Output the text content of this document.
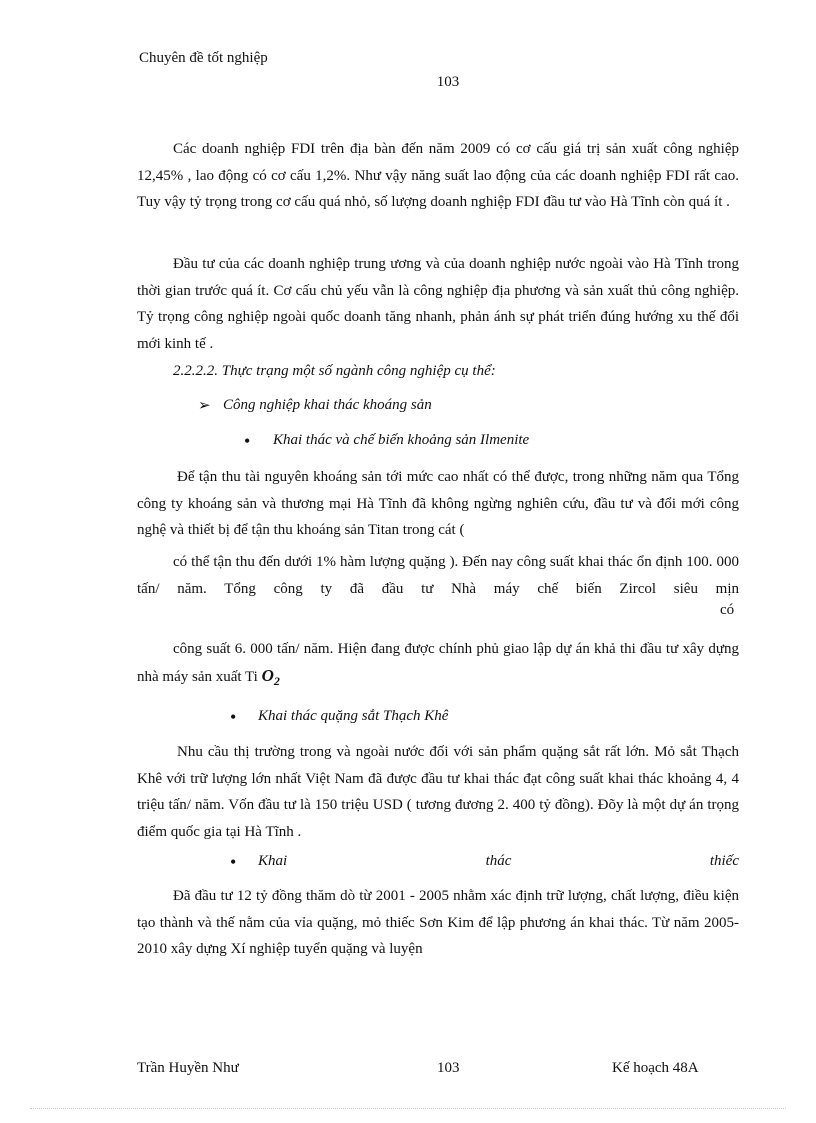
Chuyên đề tốt nghiệp
103

Các doanh nghiệp FDI trên địa bàn đến năm 2009 có cơ cấu giá trị sản xuất công nghiệp 12,45% , lao động có cơ cấu 1,2%. Như vậy năng suất lao động của các doanh nghiệp FDI rất cao. Tuy vậy tỷ trọng trong cơ cấu quá nhỏ, số lượng doanh nghiệp FDI đầu tư vào Hà Tĩnh còn quá ít .

Đầu tư của các doanh nghiệp trung ương và của doanh nghiệp nước ngoài vào Hà Tĩnh trong thời gian trước quá ít. Cơ cấu chủ yếu vẫn là công nghiệp địa phương và sản xuất thủ công nghiệp. Tỷ trọng công nghiệp ngoài quốc doanh tăng nhanh, phản ánh sự phát triển đúng hướng xu thế đổi mới kinh tế .

2.2.2.2. Thực trạng một số ngành công nghiệp cụ thể:
➢ Công nghiệp khai thác khoáng sản
• Khai thác và chế biến khoảng sản Ilmenite

Để tận thu tài nguyên khoáng sản tới mức cao nhất có thể được, trong những năm qua Tổng công ty khoáng sản và thương mại Hà Tĩnh đã không ngừng nghiên cứu, đầu tư và đổi mới công nghệ và thiết bị để tận thu khoáng sản Titan trong cát (

có thể tận thu đến dưới 1% hàm lượng quặng ). Đến nay công suất khai thác ổn định 100. 000 tấn/ năm. Tổng công ty đã đầu tư Nhà máy chế biến Zircol siêu mịn

có

công suất 6. 000 tấn/ năm. Hiện đang được chính phủ giao lập dự án khả thi đầu tư xây dựng nhà máy sản xuất Ti $O_2$

• Khai thác quặng sắt Thạch Khê

Nhu cầu thị trường trong và ngoài nước đối với sản phẩm quặng sắt rất lớn. Mỏ sắt Thạch Khê với trữ lượng lớn nhất Việt Nam đã được đầu tư khai thác đạt công suất khai thác khoảng 4, 4 triệu tấn/ năm. Vốn đầu tư là 150 triệu USD ( tương đương 2. 400 tỷ đồng). Đõy là một dự án trọng điểm quốc gia tại Hà Tĩnh .

• Khai	thác	thiếc

Đã đầu tư 12 tỷ đồng thăm dò từ 2001 - 2005 nhằm xác định trữ lượng, chất lượng, điều kiện tạo thành và thế nằm của vỉa quặng, mỏ thiếc Sơn Kim để lập phương án khai thác. Từ năm 2005- 2010 xây dựng Xí nghiệp tuyển quặng và luyện

Trần Huyền Như	103	Kế hoạch 48A
